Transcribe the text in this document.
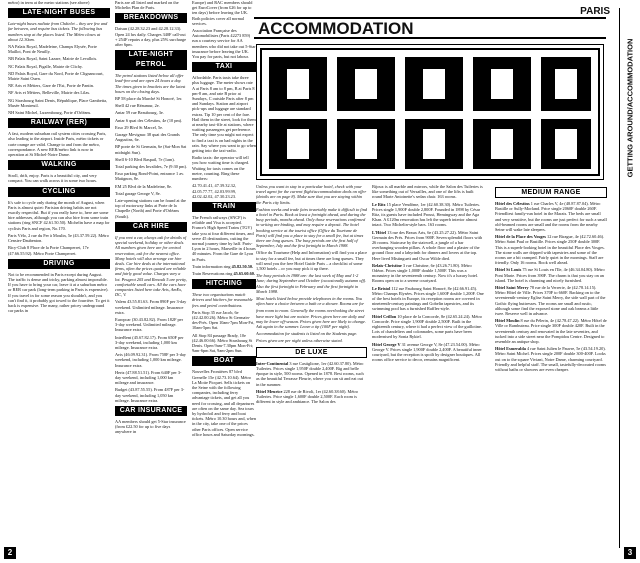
métro) in term at the metro stations (see above)

LATE-NIGHT BUSES

Late-night buses radiate from Châtelet – they are few and far between, and require bus tickets. The following bus numbers stop at the places listed. The Métro closes at about 12.30am.

NA Palais Royal, Madeleine, Champs Elysée, Porte Maillot, Pont de Neuilly.

NB Palais Royal, Saint Lazare, Mairie de Levallois.

NC Palais Royal, Pigalle, Mairie de Clichy.

ND Palais Royal, Gare du Nord, Porte de Clignancourt, Mairie Saint Ouen.

NE Arts et Métiers, Gare de l'Est, Porte de Pantin.

NF Arts et Métiers, Belleville, Mairie des Lilas.

NG Strasbourg Saint Denis, République, Place Gambetta, Musée Montreuil.

NH Saint Michel, Luxembourg, Porte d'Orléans.

RAILWAY (RER)

A fast, modern suburban rail system cities crossing Paris, also leading to the airport. Inside Paris, métro tickets or carte orange are valid. Change to and from the métro, correspondance. A new RER/métro link is now in operation at St Michel-Notre Dame.

WALKING

Stroll, drift, enjoy. Paris is a beautiful city, and very compact. You can walk across it in some two hours.

CYCLING

It's safe to cycle only during the month of August, when Paris is almost quiet: Parisian driving habits are not exactly respectful. But if you really have to, here are some hire addresses, although you can also hire from some train stations (ring SNCF 42.61.50.50). Michelin have a map for cyclists Paris and region, No.170.

Paris Vélo, 2 rue du Fer à Moulin, 5e (43.37.59.22). Métro Censier-Daubenton.

Bicy-Club 8 Place de la Porte Champerret, 17e (47.66.55.92). Métro Porte Champerret.

DRIVING

Not to be recommended in Paris except during August. The traffic is dense and tricky, parking almost impossible. If you have to bring your car, leave it at a suburban métro or RER car park (long-term parking in Paris is expensive). If you travel in for some reason you shouldn't, and you can't find it, it probably got towed to the fourrière. To get it back is expensive. The many, rather pricey underground car parks in

Paris are all listed and marked on the Michelin Plan de Paris.

BREAKDOWNS

Datsun (42.28.32.23 and 42.28.12.33). Open 24 hrs daily. Charges 340F call-out + 254F repairs a day, plus 25% surcharge after 6pm.

LATE-NIGHT PETROL

The petrol stations listed below all offer lead-free and are open 24 hours a day. The times given in brackets are the latest hours on the closing days.

BP 58 place du Marché St Honoré, 1er.

Shell 42 rue Réaumur, 2e.

Antar 59 rue Beaubourg, 3e.

Antar 6 quai des Célestins, 4e (10 pm).

Esso 29 Blvd St Marcel, 5e.

Garage Mevignac 38 quai des Grands Augustins, 6e.

BP porte de St Germain, 6e (Sat-Mon Sat midnight Sun).

Shell 6-10 Blvd Raspail, 7e (1am).

Total parking des Invalides, 7e (9:30 pm).

Esso parking Rond-Point, entrance 1 av. Matignon, 8e.

EM 25 Blvd de la Madeleine, 8e.

Total garage George V, 8e.

Late-opening stations can be found at the top of motorway links at Porte de la Chapelle (North) and Porte d'Orléans (South).

CAR HIRE

If you rent a car, always ask for details of special weekend, holiday or other deals. All numbers given here are for central reservation, ask for the nearest office. Many hotels will also arrange car hire deals. Car hire deals at the international firms, often the prices quoted are reliable and fairly good value. Charges vary a lot. Peugeot 205 and Renault 5 are pretty, comfortable small cars. All the cars have companies listed here take Avis, AmEx, DC, V.

Valem 43.55.81.63. From 890F per 3-day weekend. Unlimited mileage. Insurance extra.

Europcar (30.43.82.82). From 182F per 3-day weekend. Unlimited mileage. Insurance extra.

InterRent (45.67.82.17). From 650F per 3-day weekend, including 1,000 km mileage. Insurance extra.

Avis (46.09.92.31). From 758F per 3-day weekend, including 1,000 km mileage. Insurance extra.

Hertz (47.88.51.51). From 640F per 3-day weekend, including 1,000 km mileage and insurance.

Budget (43.87.55.55). From 487F per 3-day weekend, including 1,050 km mileage. Insurance extra.

CAR INSURANCE

AA members should get 5-Star insurance (from £22.50 for up to five days anywhere in

Europe) and RAC members should get EuroCover (from £26 for up to ten days) before leaving the UK. Both policies cover all normal services.

Association Française des Automobilistes (Paris 42273 859) run a courtesy service for AA members who did not take out 5-Star insurance before leaving the UK. You pay for parts, but not labour.

TAXI

Affordable. Paris taxis take three plus luggage. The meter shows rate A at Paris 8 am to 8 pm, B at Paris 8 pm-8 am, and rate B prior at Sundays, C outside Paris after 8 pm and Sundays. Station and airport pick-ups and luggage are standard extras. Tip 10 per cent of the fare. Hail them in the street, look for them at nearby taxi-file at stations, where waiting passengers get preference. The only time you might not expect to find a taxi is on bad nights in the rain. Say where you want to go when getting into the taxi-radio.

Radio taxis: the operator will tell you how waiting time is charged. Waiting for taxis comes on the metre, counting. Ring these numbers:

42.70.41.41, 47.39.32.32, 42.05.77.77, 42.03.99.99, 42.02.42.02, 47.30.23.23.

TRAIN

The French railways (SNCF) is reliable and Visa is accepted. France's High Speed Trains (TGV) take you at four different times, and serve 45 destinations, cutting the normal journey time by half. Paris-Lyon in 2 hours, Marseille in 4 hours 40 minutes. From the Gare de Lyon in Paris.

Train information ring 45.82.50.50.

Train Reservations ring 45.65.60.60.

HITCHING

These two organisations match drivers and hitchers for reasonable fees and petrol contributions.

Paris Stop 35 rue Jacob, 6e (42.42.00.26). Métro St Germain-des-Prés. Open 10am-7pm Mon-Fri, 10am-5pm Sat.

All Stop 84 passage Brady, 10e (42.46.00.66). Métro Strasbourg St Denis. Open 9am-7.30pm Mon-Fri; 9am-6pm Sat, 9am-2pm Sun.

BOAT

Nouvelles Frontières 87 blvd Grenelle 15e (42.73.10.64). Métro La Motte Picquet. Sells tickets on the Seine with the following companies, including ferry advantage tickets, and get all you need for crossing, and all departures are often on the same day. Sea tours by hydrofoil and ferry and boat tickets. Métro 10.30 hours and, when in the city, take one of the prices other Paris offices. Open service office hours and Saturday mornings.

2
PARIS
ACCOMMODATION

Unless you want to stay in a particular hotel, check with your travel agent for the current flight/accommodation deals on offer (details are on page 8). Make sure that you are staying within the Paris city limits.

Fashion weeks and trade fairs invariably make it difficult to find a hotel in Paris. Book at least a fortnight ahead, and during the busy periods, months ahead. Only those reservations confirmed in writing are binding, and may require a deposit. The hotel booking service at the tourist office (Office du Tourisme de Paris) will find you a place to stay for a small fee, but at times there are long queues. The busy periods are the first half of September, July and the first fortnight in March 1988.

Office du Tourisme (Help and Information) will find you a place to stay for a small fee, but at times there are long queues. They will send you the free Hotel Guide Paris – a checklist of some 1,500 hotels – or you may pick it up there.

The busy periods in 1988 are: the last week of May and 1-2 June; during September and October (occasionally autumn off). Also the first fortnight in February and the first fortnight in March 1988.

Most hotels listed below provide telephones in the rooms. You often have a choice between a bath or a shower. Rooms are for

from room to room. Generally the rooms overlooking the street have more light but are noisier. Prices given here are daily and may be lower off-season. Prices given here are likely to change. Ask again in the summer. Leave a tip (100F per night).

Accommodation for students is listed on the Students page.

Prices given are per night unless otherwise stated.

DE LUXE

Inter-Continental 3 rue Castiglione, 1er (42.60.37.80). Métro Tuileries. Prices single 1,950F double 2,400F. Big and belle époque in style, 500 rooms. Opened in 1878. Best rooms, such as the beautiful Terrasse Fleurie, where you can sit and eat out in the summer.

Hôtel Meurice 228 rue de Rivoli, 1er (42.60.38.60). Métro Tuileries. Price single 1,600F double 2,500F. Each room is different in style and ambiance. The Salon des

Bijoux is all marble and mirrors, while the Salon des Tuileries is like something out of Versailles, and one of the lifts is built round Marie Antoinette's sedan chair. 163 rooms.

Le Ritz 15 place Vendôme, 1er (42.60.38.30). Métro Tuileries. Prices single 1,900F double 2,800F. Founded in 1898 by César Ritz, its guests have included Proust, Hemingway and the Aga Khan. A £120m renovation has left the superb interior almost intact. Two Michelin-style bars. 163 rooms.

L'Hôtel 13 rue des Beaux Arts, 6e (43.25.27.22). Métro Saint Germain des Prés. Prices from 900F. Seven splendid floors with 26 rooms. Staircase by the stairwell, a jungle of a bar overhanging wooden pillars. A whole floor and a plaster of the ground floor and a labyrinth for dinners and lovers at the top. Here lived Mistinguett and Oscar Wilde died.

Relais-Christine 3 rue Christine, 6e (43.26.71.80). Métro Odéon. Prices single 1,000F double 1,500F. This was a monastery in the seventeenth century. Now it's a luxury hotel. Rooms open on to a serene courtyard.

Le Bristol 112 rue Faubourg Saint Honoré, 8e (42.66.91.45). Métro Champs Elysées. Prices single 1,600F double 1,200F. One of the best hotels in Europe, its reception rooms are covered in nineteenth-century paintings and Gobelin tapestries, and its swimming pool has a furnished Raffles-style.

Hôtel Crillon 10 place de la Concorde, 8e (42.65.24.24). Métro Concorde. Price single 1,900F double 2,500F. Built in the eighteenth century, where it had a perfect view of the guillotine. Lots of chandeliers and colonnades, some parts have been modernised by Sonia Rykiel.

Hôtel George V 31 avenue George V, 8e (47.23.54.00). Métro George V. Prices single 1,900F double 2,400F. A beautiful inner courtyard, but the reception is spoilt by designer boutiques. All rooms office service to decor, remains magnificent.

MEDIUM RANGE

Hôtel des Célestins 1 rue Charles V, 4e (48.87.87.04). Métro Bastille or Sully-Morland. Price single 2060F double 260F. Friendliest family-run hotel in the Marais. The beds are small and very sensitive, but the rooms are just perfect for such a small old-beamed rooms are small and the rooms from the nearby Seine will wake late sleepers.

Hôtel de la Place des Vosges 12 rue Birague, 4e (42.72.60.46). Métro Saint Paul or Bastille. Prices single 250F double 300F. This is a superb-looking hotel in the beautiful Place des Vosges. The stone walls are dripped with tapestries and some of the rooms are a bit cramped. Fairly quiet in the mornings. Staff are friendly. Only 16 rooms. Book well ahead.

Hôtel St Louis 75 rue St Louis en l'Ile, 4e (46.34.04.80). Métro Pont Marie. Prices from 390F. The charm is that you stay on an island. The hotel is charming and nicely furnished.

Hôtel Saint Merry 78 rue de la Verrerie, 4e (42.78.14.15). Métro Hôtel de Ville. Prices 370F to 660F. Backing on to the seventeenth-century Eglise Saint Merry, the side wall part of the Gothic flying buttresses. The rooms are small and rustic, although some find the exposed stone and oak beams a little twee. Reserve well in advance.

Hôtel Moulin 8 rue du Pélerin, 4e (42.78.47.22). Métro Hôtel de Ville or Rambuteau. Price single 300F double 420F. Built in the seventeenth century and renovated in the late seventies, and tucked into a side street near the Pompidou Centre. Designed to resemble an antique shop.

Hôtel Esmeralda 4 rue Saint Julien le Pauvre, 5e (43.54.19.20). Métro Saint Michel. Prices single 200F double 300-400F. Looks out on to the square Viviani, Notre Dame, charming courtyard. Friendly and helpful staff. The small, tastefully-decorated rooms without baths or showers are even cheaper.

GETTING AROUND/ACCOMMODATION
3
